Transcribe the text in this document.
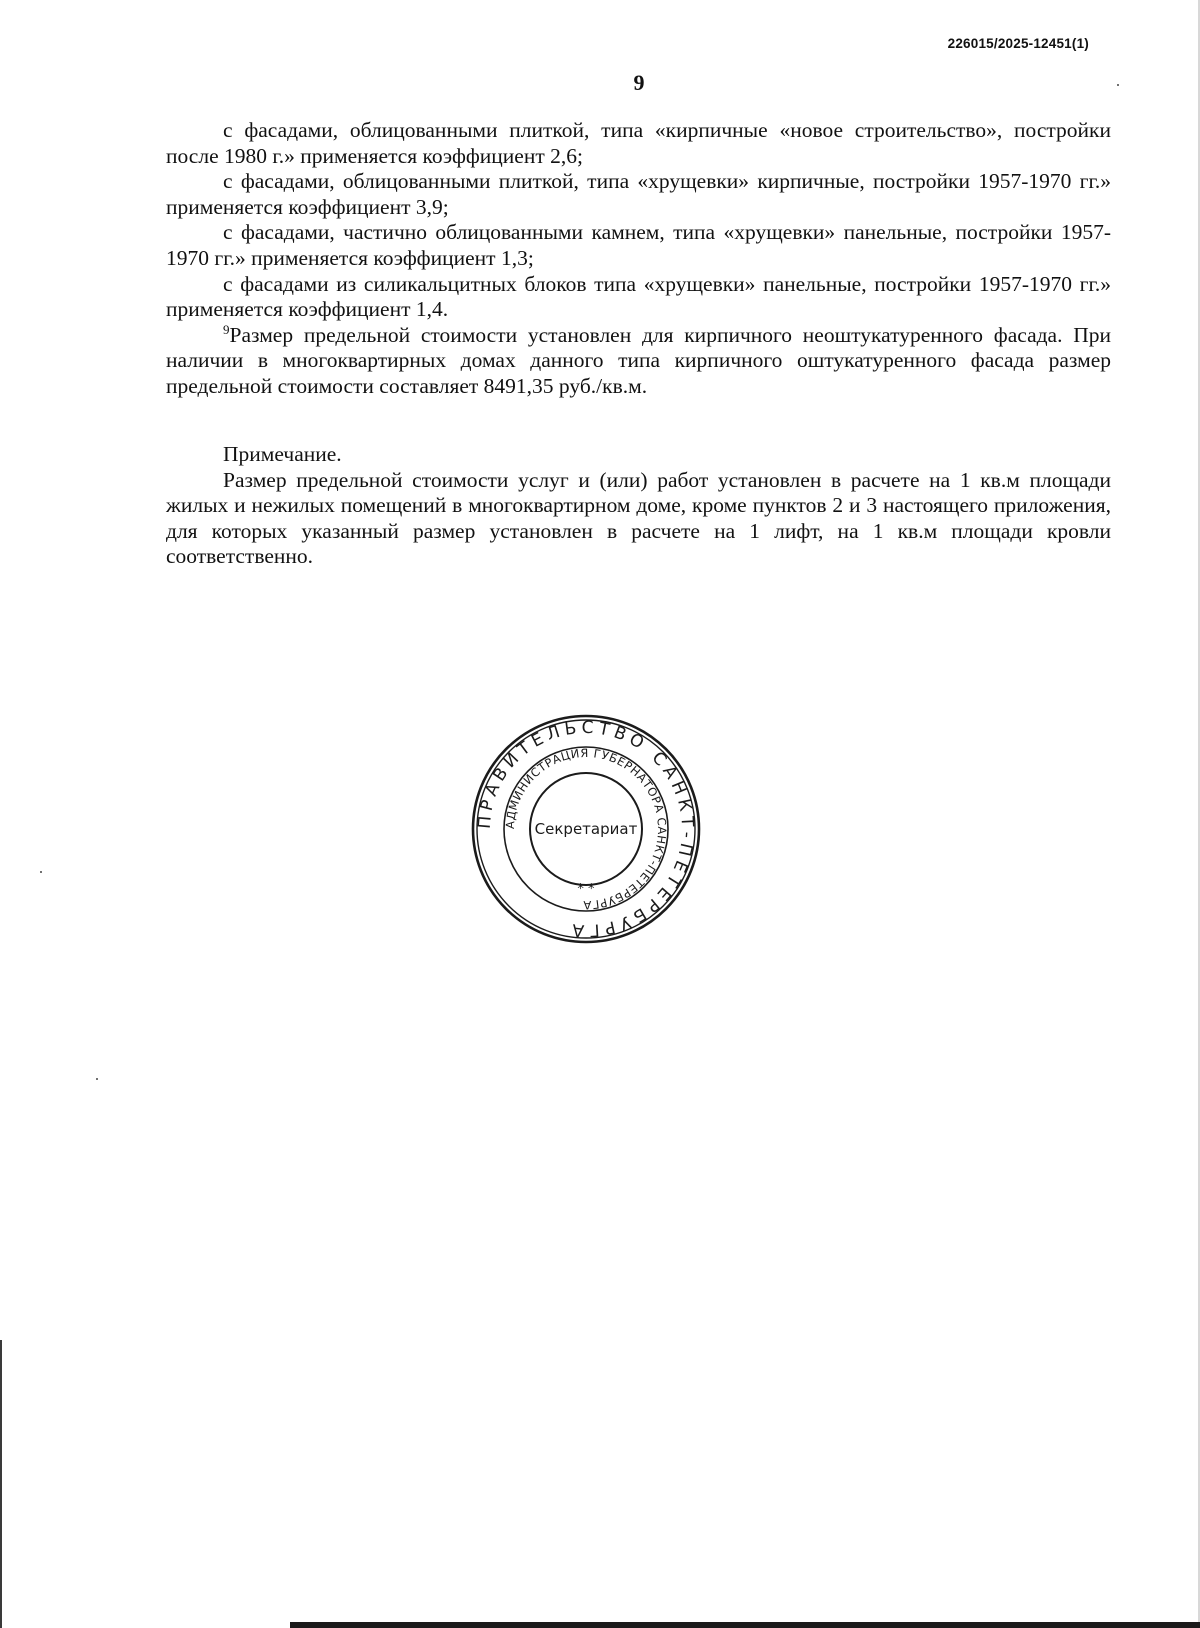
226015/2025-12451(1)
9

с фасадами, облицованными плиткой, типа «кирпичные «новое строительство», постройки после 1980 г.» применяется коэффициент 2,6;

с фасадами, облицованными плиткой, типа «хрущевки» кирпичные, постройки 1957-1970 гг.» применяется коэффициент 3,9;

с фасадами, частично облицованными камнем, типа «хрущевки» панельные, постройки 1957-1970 гг.» применяется коэффициент 1,3;

с фасадами из силикальцитных блоков типа «хрущевки» панельные, постройки 1957-1970 гг.» применяется коэффициент 1,4.

$^9$Размер предельной стоимости установлен для кирпичного неоштукатуренного фасада. При наличии в многоквартирных домах данного типа кирпичного оштукатуренного фасада размер предельной стоимости составляет 8491,35 руб./кв.м.

Примечание.

Размер предельной стоимости услуг и (или) работ установлен в расчете на 1 кв.м площади жилых и нежилых помещений в многоквартирном доме, кроме пунктов 2 и 3 настоящего приложения, для которых указанный размер установлен в расчете на 1 лифт, на 1 кв.м площади кровли соответственно.

ПРАВИТЕЛЬСТВО САНКТ-ПЕТЕРБУРГА
АДМИНИСТРАЦИЯ ГУБЕРНАТОРА САНКТ-ПЕТЕРБУРГА
* *
Секретариат
